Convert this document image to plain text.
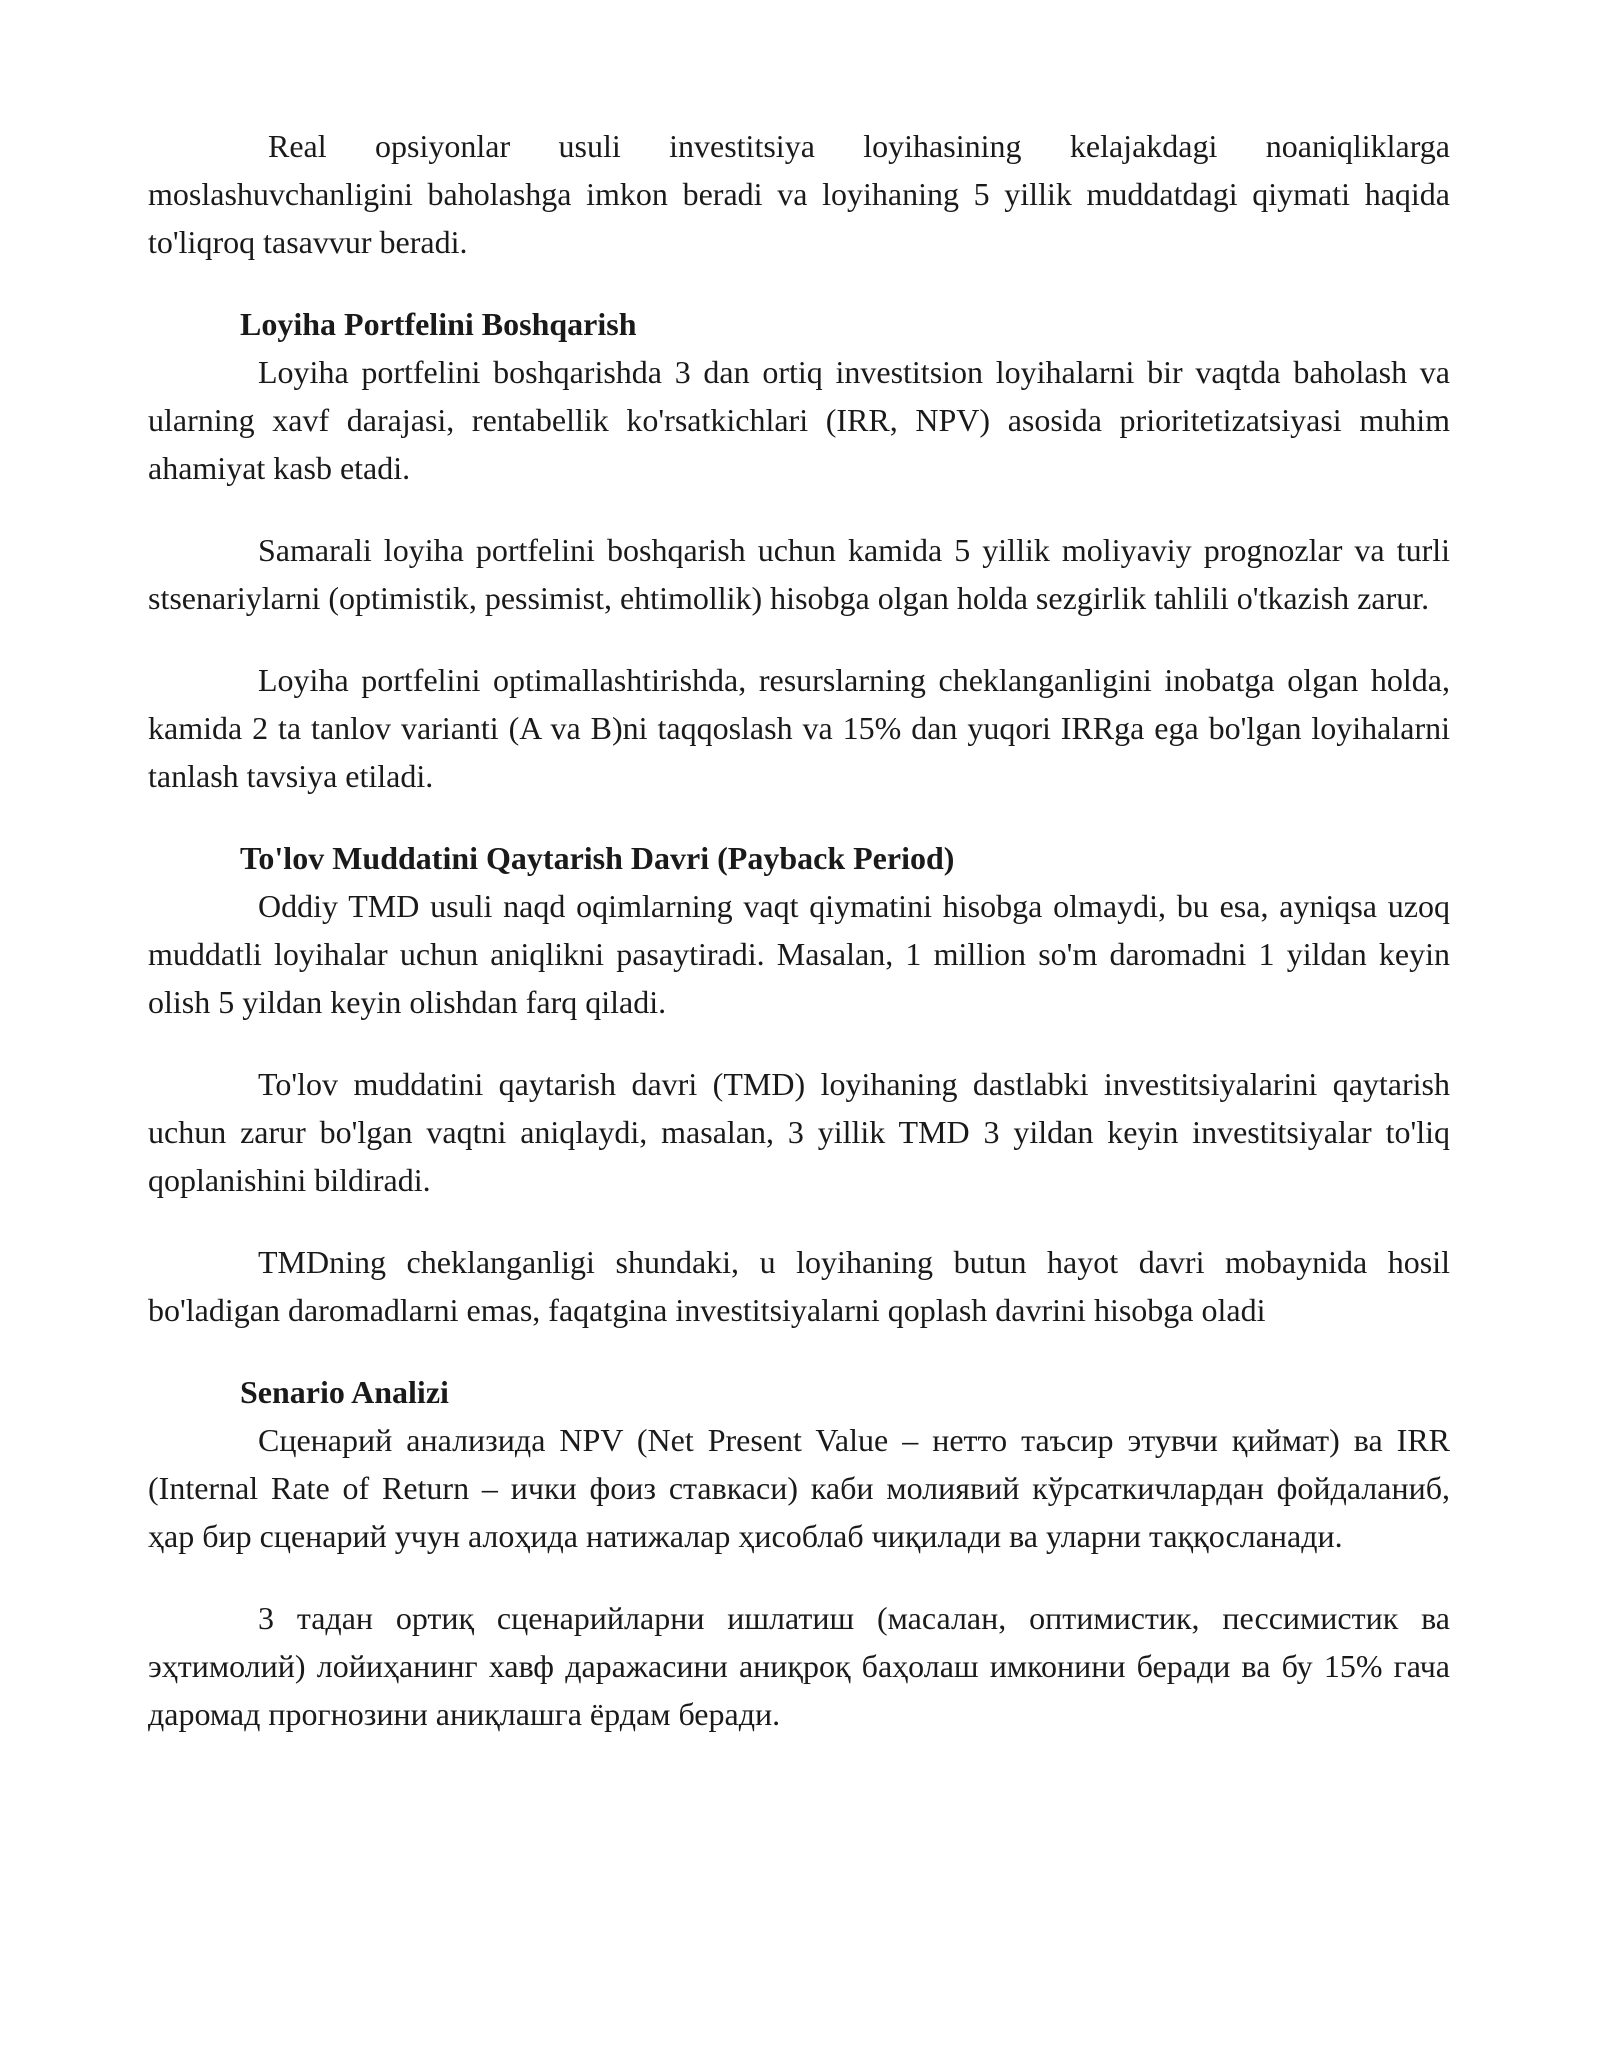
Real opsiyonlar usuli investitsiya loyihasining kelajakdagi noaniqliklarga moslashuvchanligini baholashga imkon beradi va loyihaning 5 yillik muddatdagi qiymati haqida to'liqroq tasavvur beradi.

Loyiha Portfelini Boshqarish

Loyiha portfelini boshqarishda 3 dan ortiq investitsion loyihalarni bir vaqtda baholash va ularning xavf darajasi, rentabellik ko'rsatkichlari (IRR, NPV) asosida prioritetizatsiyasi muhim ahamiyat kasb etadi.

Samarali loyiha portfelini boshqarish uchun kamida 5 yillik moliyaviy prognozlar va turli stsenariylarni (optimistik, pessimist, ehtimollik) hisobga olgan holda sezgirlik tahlili o'tkazish zarur.

Loyiha portfelini optimallashtirishda, resurslarning cheklanganligini inobatga olgan holda, kamida 2 ta tanlov varianti (A va B)ni taqqoslash va 15% dan yuqori IRRga ega bo'lgan loyihalarni tanlash tavsiya etiladi.

To'lov Muddatini Qaytarish Davri (Payback Period)

Oddiy TMD usuli naqd oqimlarning vaqt qiymatini hisobga olmaydi, bu esa, ayniqsa uzoq muddatli loyihalar uchun aniqlikni pasaytiradi. Masalan, 1 million so'm daromadni 1 yildan keyin olish 5 yildan keyin olishdan farq qiladi.

To'lov muddatini qaytarish davri (TMD) loyihaning dastlabki investitsiyalarini qaytarish uchun zarur bo'lgan vaqtni aniqlaydi, masalan, 3 yillik TMD 3 yildan keyin investitsiyalar to'liq qoplanishini bildiradi.

TMDning cheklanganligi shundaki, u loyihaning butun hayot davri mobaynida hosil bo'ladigan daromadlarni emas, faqatgina investitsiyalarni qoplash davrini hisobga oladi

Senario Analizi

Сценарий анализида NPV (Net Present Value – нетто таъсир этувчи қиймат) ва IRR (Internal Rate of Return – ички фоиз ставкаси) каби молиявий кўрсаткичлардан фойдаланиб, ҳар бир сценарий учун алоҳида натижалар ҳисоблаб чиқилади ва уларни таққосланади.

3 тадан ортиқ сценарийларни ишлатиш (масалан, оптимистик, пессимистик ва эҳтимолий) лойиҳанинг хавф даражасини аниқроқ баҳолаш имконини беради ва бу 15% гача даромад прогнозини аниқлашга ёрдам беради.
